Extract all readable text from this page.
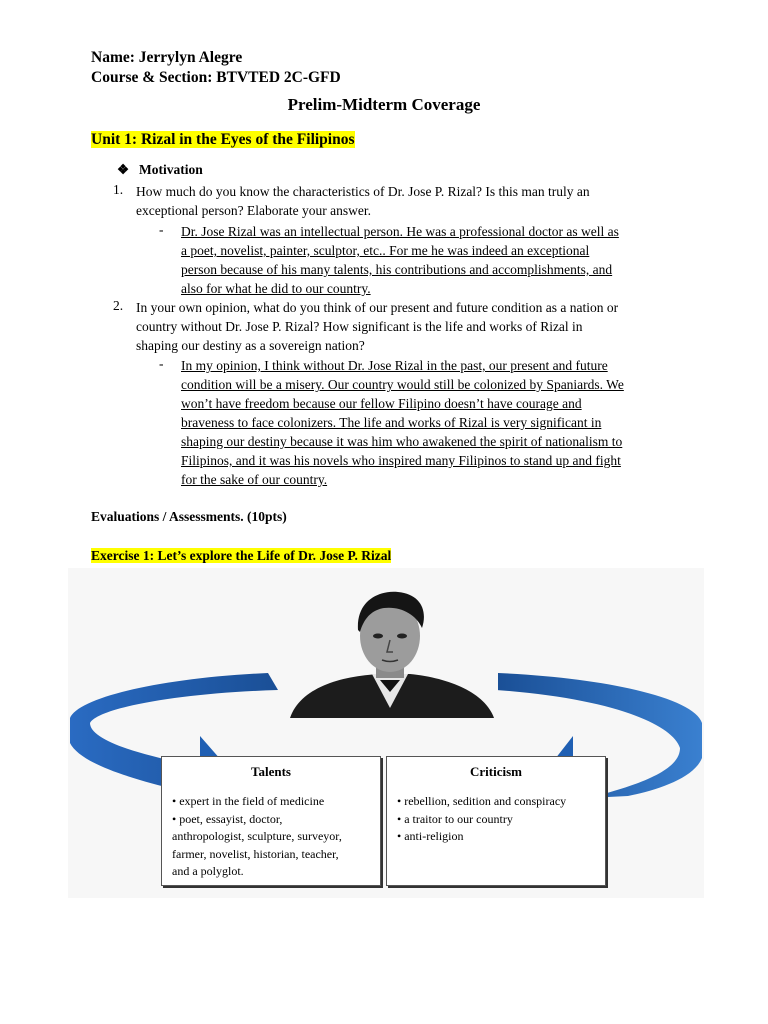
Name: Jerrylyn Alegre
Course & Section: BTVTED 2C-GFD
Prelim-Midterm Coverage
Unit 1: Rizal in the Eyes of the Filipinos
❖ Motivation
1. How much do you know the characteristics of Dr. Jose P. Rizal? Is this man truly an
exceptional person? Elaborate your answer.
- Dr. Jose Rizal was an intellectual person. He was a professional doctor as well as
a poet, novelist, painter, sculptor, etc.. For me he was indeed an exceptional
person because of his many talents, his contributions and accomplishments, and
also for what he did to our country.
2. In your own opinion, what do you think of our present and future condition as a nation or
country without Dr. Jose P. Rizal? How significant is the life and works of Rizal in
shaping our destiny as a sovereign nation?
- In my opinion, I think without Dr. Jose Rizal in the past, our present and future
condition will be a misery. Our country would still be colonized by Spaniards. We
won’t have freedom because our fellow Filipino doesn’t have courage and
braveness to face colonizers. The life and works of Rizal is very significant in
shaping our destiny because it was him who awakened the spirit of nationalism to
Filipinos, and it was his novels who inspired many Filipinos to stand up and fight
for the sake of our country.
Evaluations / Assessments. (10pts)
Exercise 1: Let’s explore the Life of Dr. Jose P. Rizal
Talents
• expert in the field of medicine
• poet, essayist, doctor,
anthropologist, sculpture, surveyor,
farmer, novelist, historian, teacher,
and a polyglot.
Criticism
• rebellion, sedition and conspiracy
• a traitor to our country
• anti-religion
